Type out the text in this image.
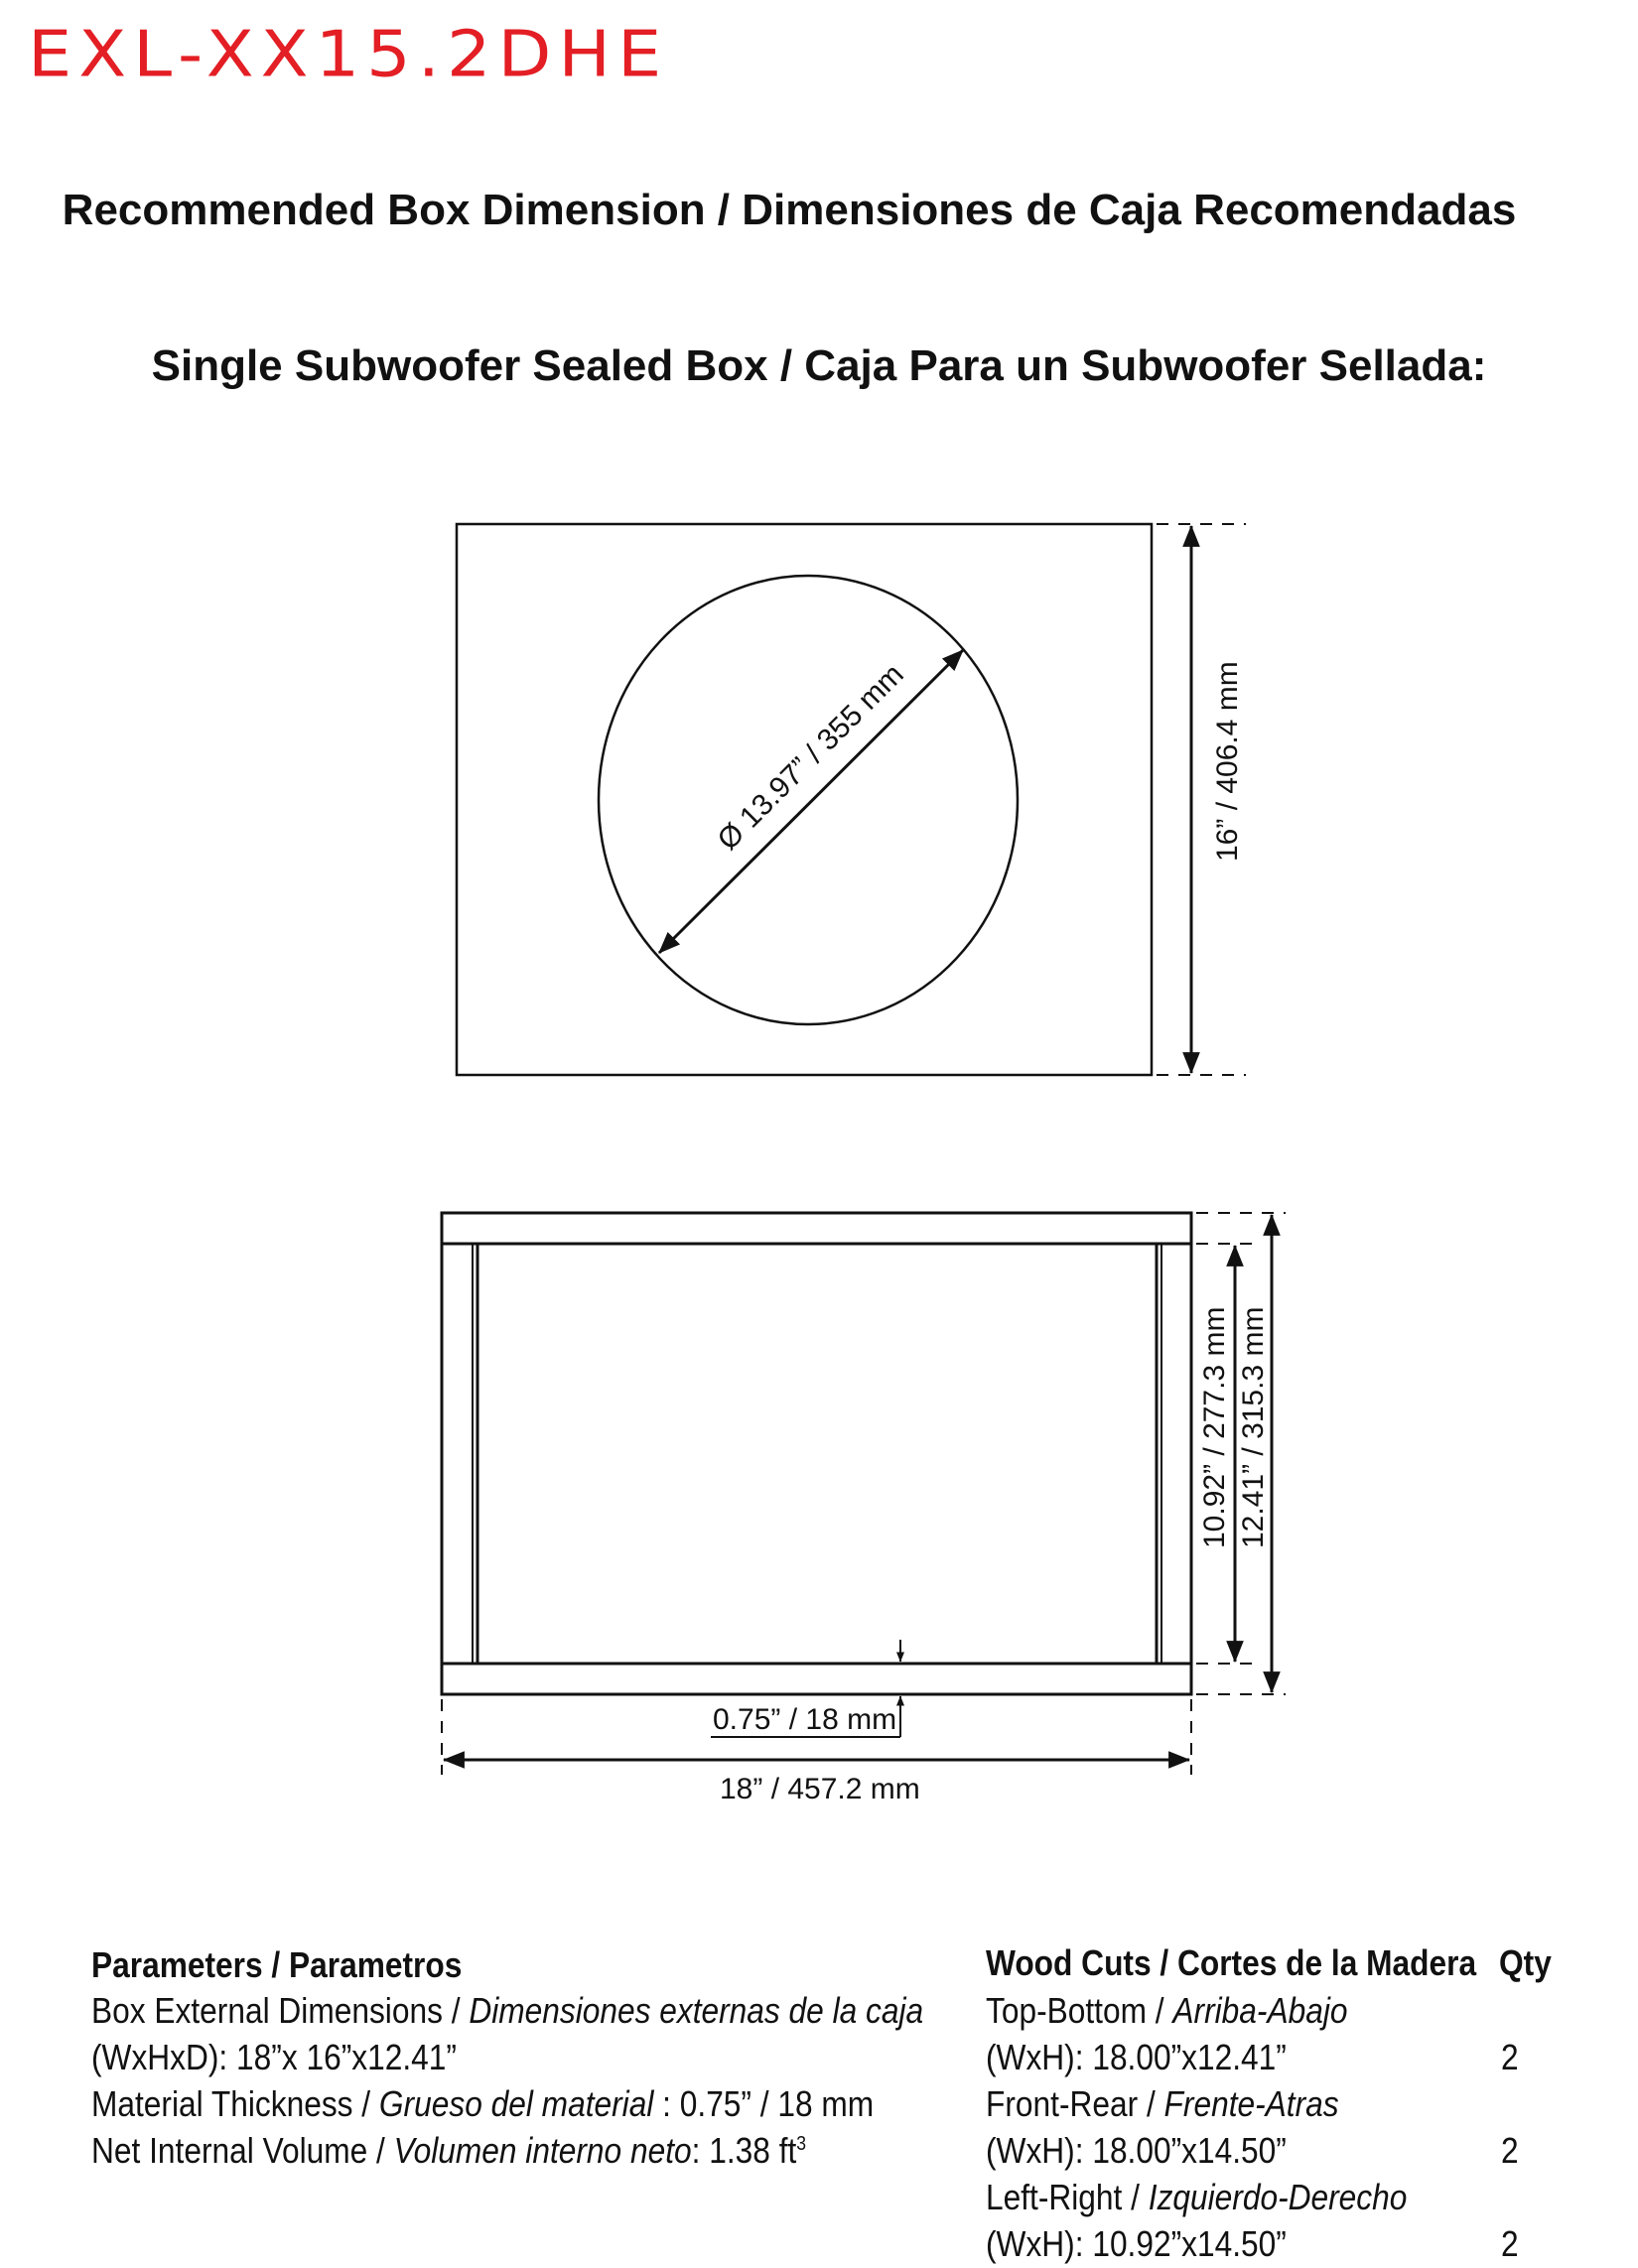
EXL-XX15.2DHE
Recommended Box Dimension / Dimensiones de Caja Recomendadas
Single Subwoofer Sealed Box / Caja Para un Subwoofer Sellada:
Ø 13.97” / 355 mm	16” / 406.4 mm
10.92” / 277.3 mm 12.41” / 315.3 mm
0.75” / 18 mm
18” / 457.2 mm
Parameters / Parametros
Box External Dimensions / Dimensiones externas de la caja
(WxHxD): 18”x 16”x12.41”
Material Thickness / Grueso del material : 0.75” / 18 mm
Net Internal Volume / Volumen interno neto: 1.38 $ft^3$
Wood Cuts / Cortes de la Madera Qty
Top-Bottom / Arriba-Abajo
(WxH): 18.00”x12.41”	2
Front-Rear / Frente-Atras
(WxH): 18.00”x14.50”	2
Left-Right / Izquierdo-Derecho
(WxH): 10.92”x14.50”	2
